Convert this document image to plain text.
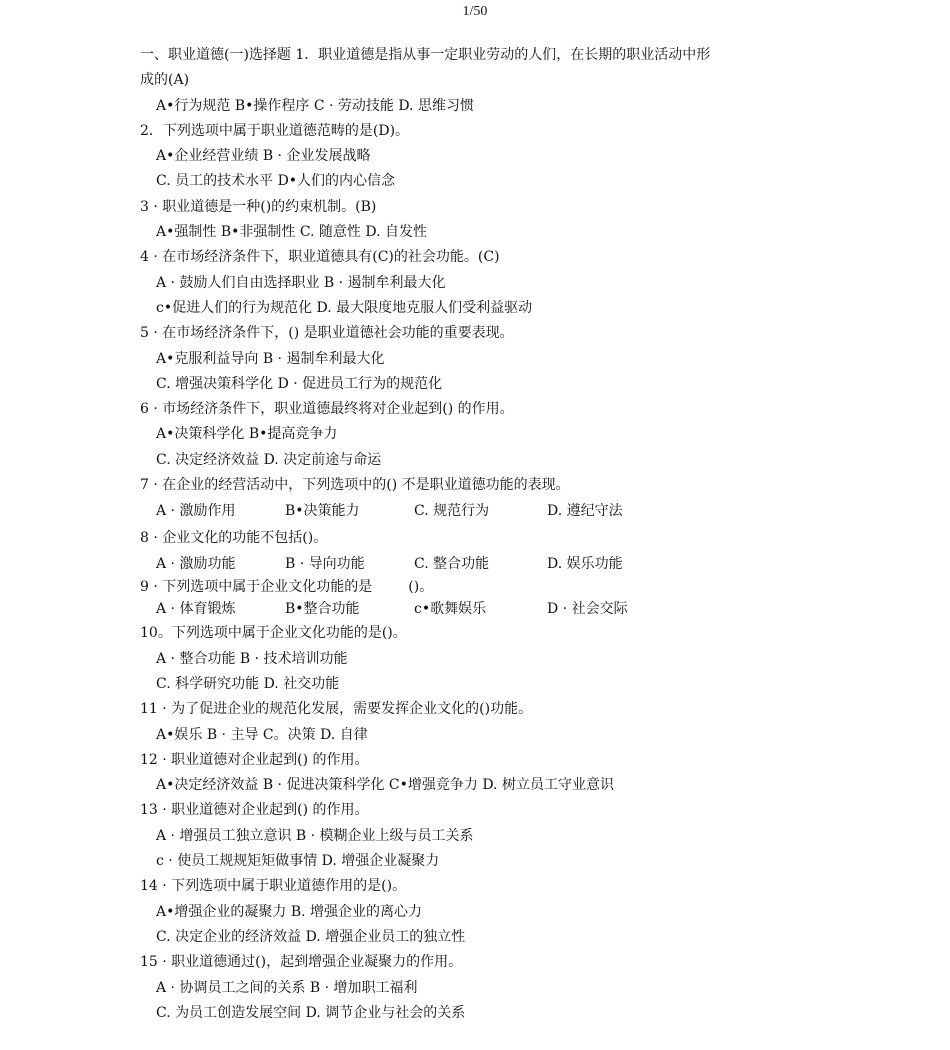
1/50
一、职业道德(一)选择题 1．职业道德是指从事一定职业劳动的人们，在长期的职业活动中形
成的(A)
A•行为规范 B•操作程序 C · 劳动技能 D. 思维习惯
2．下列选项中属于职业道德范畴的是(D)。
A•企业经营业绩 B · 企业发展战略
C. 员工的技术水平 D•人们的内心信念
3 · 职业道德是一种()的约束机制。(B)
A•强制性 B•非强制性 C. 随意性 D. 自发性
4 · 在市场经济条件下，职业道德具有(C)的社会功能。(C)
A · 鼓励人们自由选择职业 B · 遏制牟利最大化
c•促进人们的行为规范化 D. 最大限度地克服人们受利益驱动
5 · 在市场经济条件下，() 是职业道德社会功能的重要表现。
A•克服利益导向 B · 遏制牟利最大化
C. 增强决策科学化 D · 促进员工行为的规范化
6 · 市场经济条件下，职业道德最终将对企业起到() 的作用。
A•决策科学化 B•提高竞争力
C. 决定经济效益 D. 决定前途与命运
7 · 在企业的经营活动中，下列选项中的() 不是职业道德功能的表现。
A · 激励作用	B•决策能力	C. 规范行为	D. 遵纪守法
8 · 企业文化的功能不包括()。
A · 激励功能	B · 导向功能	C. 整合功能	D. 娱乐功能
9 · 下列选项中属于企业文化功能的是	()。
A · 体育锻炼	B•整合功能	c•歌舞娱乐	D · 社会交际
10。下列选项中属于企业文化功能的是()。
A · 整合功能 B · 技术培训功能
C. 科学研究功能 D. 社交功能
11 · 为了促进企业的规范化发展，需要发挥企业文化的()功能。
A•娱乐 B · 主导 C。决策 D. 自律
12 · 职业道德对企业起到() 的作用。
A•决定经济效益 B · 促进决策科学化 C•增强竞争力 D. 树立员工守业意识
13 · 职业道德对企业起到() 的作用。
A · 增强员工独立意识 B · 模糊企业上级与员工关系
c · 使员工规规矩矩做事情 D. 增强企业凝聚力
14 · 下列选项中属于职业道德作用的是()。
A•增强企业的凝聚力 B. 增强企业的离心力
C. 决定企业的经济效益 D. 增强企业员工的独立性
15 · 职业道德通过()，起到增强企业凝聚力的作用。
A · 协调员工之间的关系 B · 增加职工福利
C. 为员工创造发展空间 D. 调节企业与社会的关系
